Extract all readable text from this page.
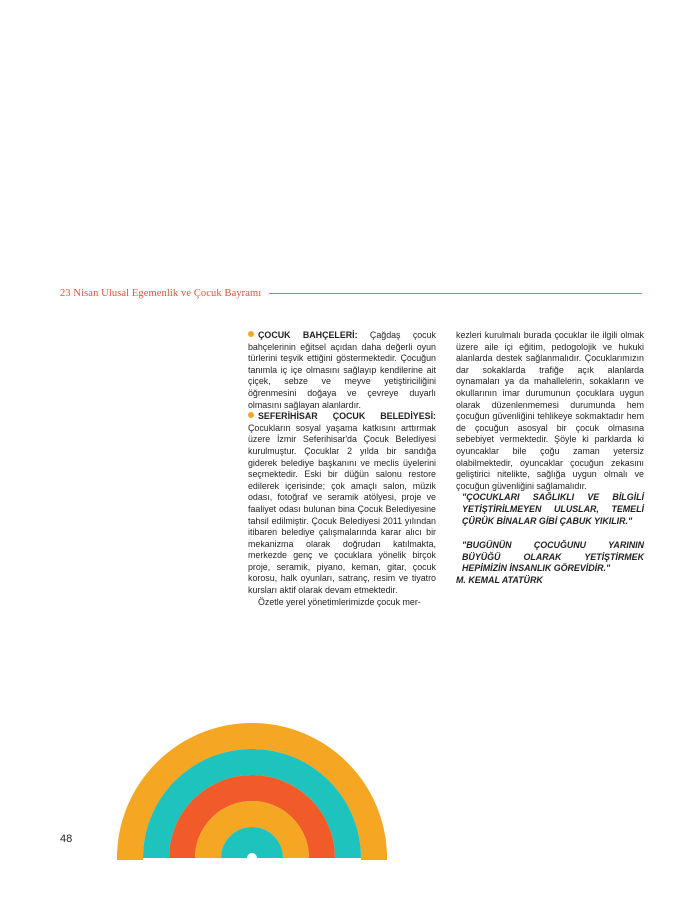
23 Nisan Ulusal Egemenlik ve Çocuk Bayramı

ÇOCUK BAHÇELERİ: Çağdaş çocuk bahçelerinin eğitsel açıdan daha değerli oyun türlerini teşvik ettiğini göstermektedir. Çocuğun tanımla iç içe olmasını sağlayıp kendilerine ait çiçek, sebze ve meyve yetiştiriciliğini öğrenmesini doğaya ve çevreye duyarlı olmasını sağlayan alanlardır.

SEFERİHİSAR ÇOCUK BELEDİYESİ: Çocukların sosyal yaşama katkısını arttırmak üzere İzmir Seferihisar'da Çocuk Belediyesi kurulmuştur. Çocuklar 2 yılda bir sandığa giderek belediye başkanını ve meclis üyelerini seçmektedir. Eski bir düğün salonu restore edilerek içerisinde; çok amaçlı salon, müzik odası, fotoğraf ve seramik atölyesi, proje ve faaliyet odası bulunan bina Çocuk Belediyesine tahsil edilmiştir. Çocuk Belediyesi 2011 yılından itibaren belediye çalışmalarında karar alıcı bir mekanizma olarak doğrudan katılmakta, merkezde genç ve çocuklara yönelik birçok proje, seramik, piyano, keman, gitar, çocuk korosu, halk oyunları, satranç, resim ve tiyatro kursları aktif olarak devam etmektedir.

Özetle yerel yönetimlerimizde çocuk mer-

kezleri kurulmalı burada çocuklar ile ilgili olmak üzere aile içi eğitim, pedogolojik ve hukuki alanlarda destek sağlanmalıdır. Çocuklarımızın dar sokaklarda trafiğe açık alanlarda oynamaları ya da mahallelerin, sokakların ve okullarının imar durumunun çocuklara uygun olarak düzenlenmemesi durumunda hem çocuğun güvenliğini tehlikeye sokmaktadır hem de çocuğun asosyal bir çocuk olmasına sebebiyet vermektedir. Şöyle ki parklarda ki oyuncaklar bile çoğu zaman yetersiz olabilmektedir, oyuncaklar çocuğun zekasını geliştirici nitelikte, sağlığa uygun olmalı ve çocuğun güvenliğini sağlamalıdır.

"ÇOCUKLARI SAĞLIKLI VE BİLGİLİ YETİŞTİRİLMEYEN ULUSLAR, TEMELİ ÇÜRÜK BİNALAR GİBİ ÇABUK YIKILIR."

"BUGÜNÜN ÇOCUĞUNU YARININ BÜYÜĞÜ OLARAK YETİŞTİRMEK HEPİMİZİN İNSANLIK GÖREVİDİR."

M. KEMAL ATATÜRK

48
